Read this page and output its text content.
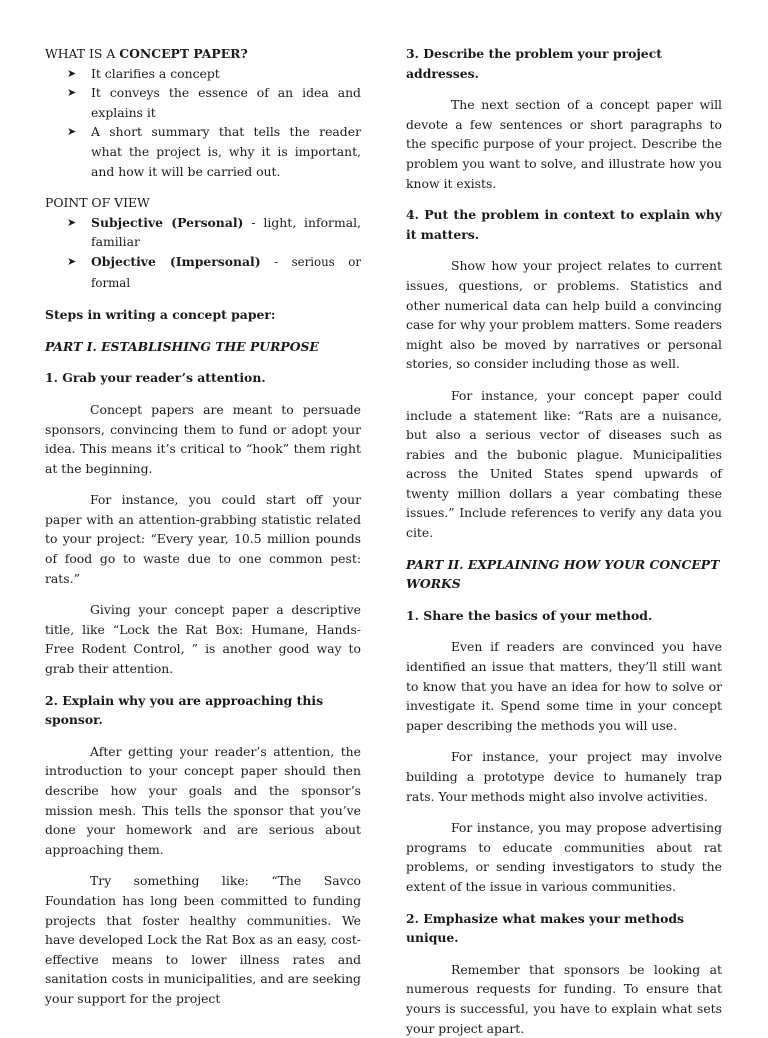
WHAT IS A CONCEPT PAPER?

➤ It clarifies a concept
➤ It conveys the essence of an idea and explains it
➤ A short summary that tells the reader what the project is, why it is important, and how it will be carried out.

POINT OF VIEW

➤ Subjective (Personal) - light, informal, familiar
➤ Objective (Impersonal) - serious or formal

Steps in writing a concept paper:

PART I. ESTABLISHING THE PURPOSE

1. Grab your reader’s attention.

Concept papers are meant to persuade sponsors, convincing them to fund or adopt your idea. This means it’s critical to “hook” them right at the beginning.

For instance, you could start off your paper with an attention-grabbing statistic related to your project: “Every year, 10.5 million pounds of food go to waste due to one common pest: rats.”

Giving your concept paper a descriptive title, like “Lock the Rat Box: Humane, Hands-Free Rodent Control, ” is another good way to grab their attention.

2. Explain why you are approaching this sponsor.

After getting your reader’s attention, the introduction to your concept paper should then describe how your goals and the sponsor’s mission mesh. This tells the sponsor that you’ve done your homework and are serious about approaching them.

Try something like: “The Savco Foundation has long been committed to funding projects that foster healthy communities. We have developed Lock the Rat Box as an easy, cost-effective means to lower illness rates and sanitation costs in municipalities, and are seeking your support for the project

3. Describe the problem your project addresses.

The next section of a concept paper will devote a few sentences or short paragraphs to the specific purpose of your project. Describe the problem you want to solve, and illustrate how you know it exists.

4. Put the problem in context to explain why it matters.

Show how your project relates to current issues, questions, or problems. Statistics and other numerical data can help build a convincing case for why your problem matters. Some readers might also be moved by narratives or personal stories, so consider including those as well.

For instance, your concept paper could include a statement like: “Rats are a nuisance, but also a serious vector of diseases such as rabies and the bubonic plague. Municipalities across the United States spend upwards of twenty million dollars a year combating these issues.” Include references to verify any data you cite.

PART II. EXPLAINING HOW YOUR CONCEPT WORKS

1. Share the basics of your method.

Even if readers are convinced you have identified an issue that matters, they’ll still want to know that you have an idea for how to solve or investigate it. Spend some time in your concept paper describing the methods you will use.

For instance, your project may involve building a prototype device to humanely trap rats. Your methods might also involve activities.

For instance, you may propose advertising programs to educate communities about rat problems, or sending investigators to study the extent of the issue in various communities.

2. Emphasize what makes your methods unique.

Remember that sponsors be looking at numerous requests for funding. To ensure that yours is successful, you have to explain what sets your project apart.
